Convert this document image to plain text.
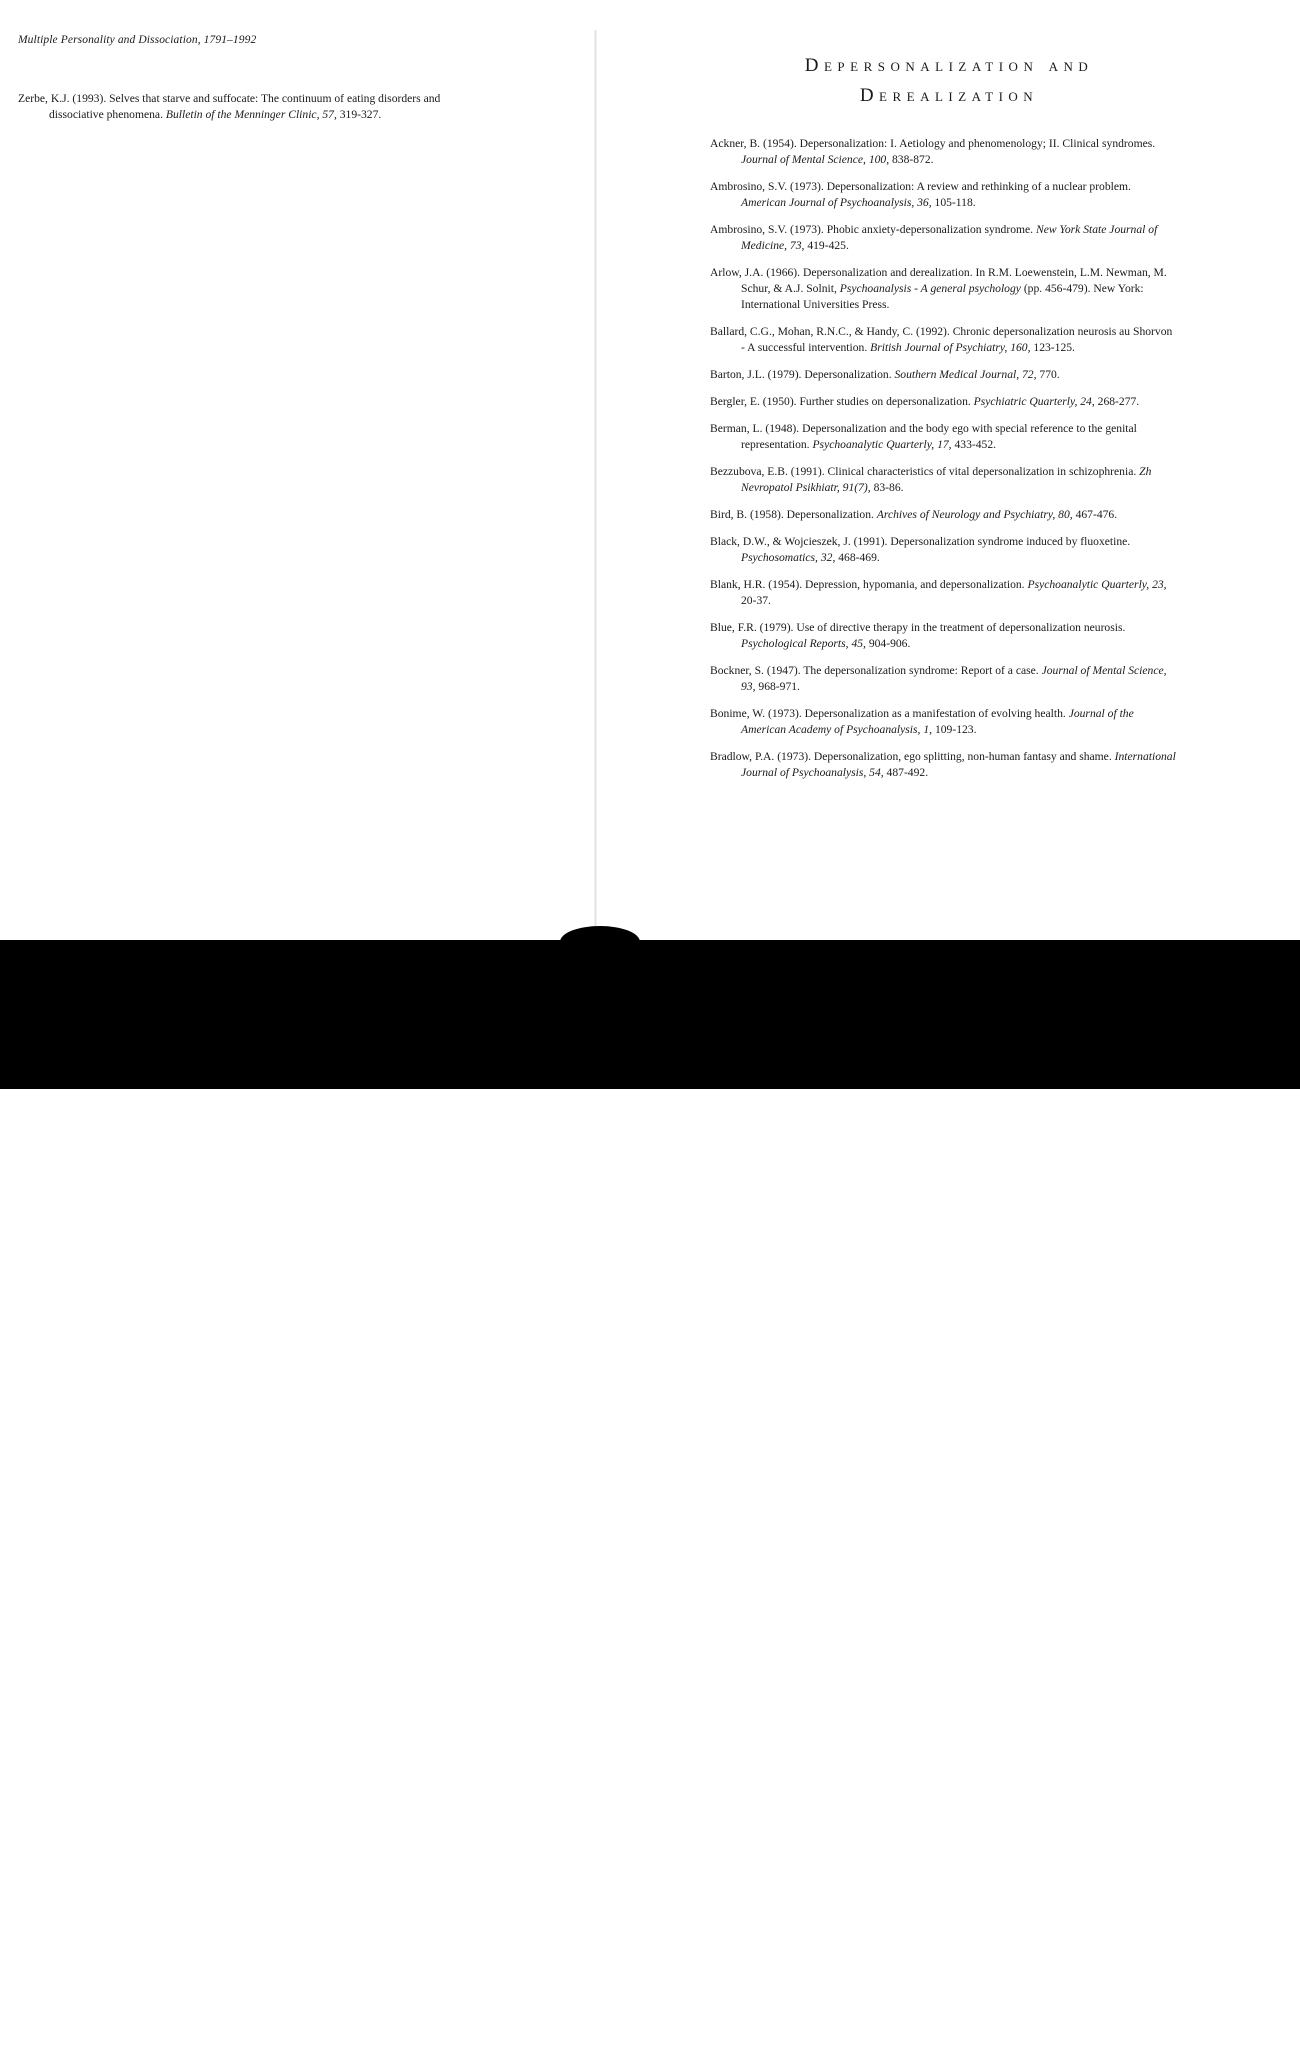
Multiple Personality and Dissociation, 1791–1992

Zerbe, K.J. (1993). Selves that starve and suffocate: The continuum of eating disorders and dissociative phenomena. Bulletin of the Menninger Clinic, 57, 319-327.

Depersonalization and
Derealization

Ackner, B. (1954). Depersonalization: I. Aetiology and phenomenology; II. Clinical syndromes. Journal of Mental Science, 100, 838-872.

Ambrosino, S.V. (1973). Depersonalization: A review and rethinking of a nuclear problem. American Journal of Psychoanalysis, 36, 105-118.

Ambrosino, S.V. (1973). Phobic anxiety-depersonalization syndrome. New York State Journal of Medicine, 73, 419-425.

Arlow, J.A. (1966). Depersonalization and derealization. In R.M. Loewenstein, L.M. Newman, M. Schur, & A.J. Solnit, Psychoanalysis - A general psychology (pp. 456-479). New York: International Universities Press.

Ballard, C.G., Mohan, R.N.C., & Handy, C. (1992). Chronic depersonalization neurosis au Shorvon - A successful intervention. British Journal of Psychiatry, 160, 123-125.

Barton, J.L. (1979). Depersonalization. Southern Medical Journal, 72, 770.

Bergler, E. (1950). Further studies on depersonalization. Psychiatric Quarterly, 24, 268-277.

Berman, L. (1948). Depersonalization and the body ego with special reference to the genital representation. Psychoanalytic Quarterly, 17, 433-452.

Bezzubova, E.B. (1991). Clinical characteristics of vital depersonalization in schizophrenia. Zh Nevropatol Psikhiatr, 91(7), 83-86.

Bird, B. (1958). Depersonalization. Archives of Neurology and Psychiatry, 80, 467-476.

Black, D.W., & Wojcieszek, J. (1991). Depersonalization syndrome induced by fluoxetine. Psychosomatics, 32, 468-469.

Blank, H.R. (1954). Depression, hypomania, and depersonalization. Psychoanalytic Quarterly, 23, 20-37.

Blue, F.R. (1979). Use of directive therapy in the treatment of depersonalization neurosis. Psychological Reports, 45, 904-906.

Bockner, S. (1947). The depersonalization syndrome: Report of a case. Journal of Mental Science, 93, 968-971.

Bonime, W. (1973). Depersonalization as a manifestation of evolving health. Journal of the American Academy of Psychoanalysis, 1, 109-123.

Bradlow, P.A. (1973). Depersonalization, ego splitting, non-human fantasy and shame. International Journal of Psychoanalysis, 54, 487-492.

alamy	Image ID: 3APH0TR
www.alamy.com
